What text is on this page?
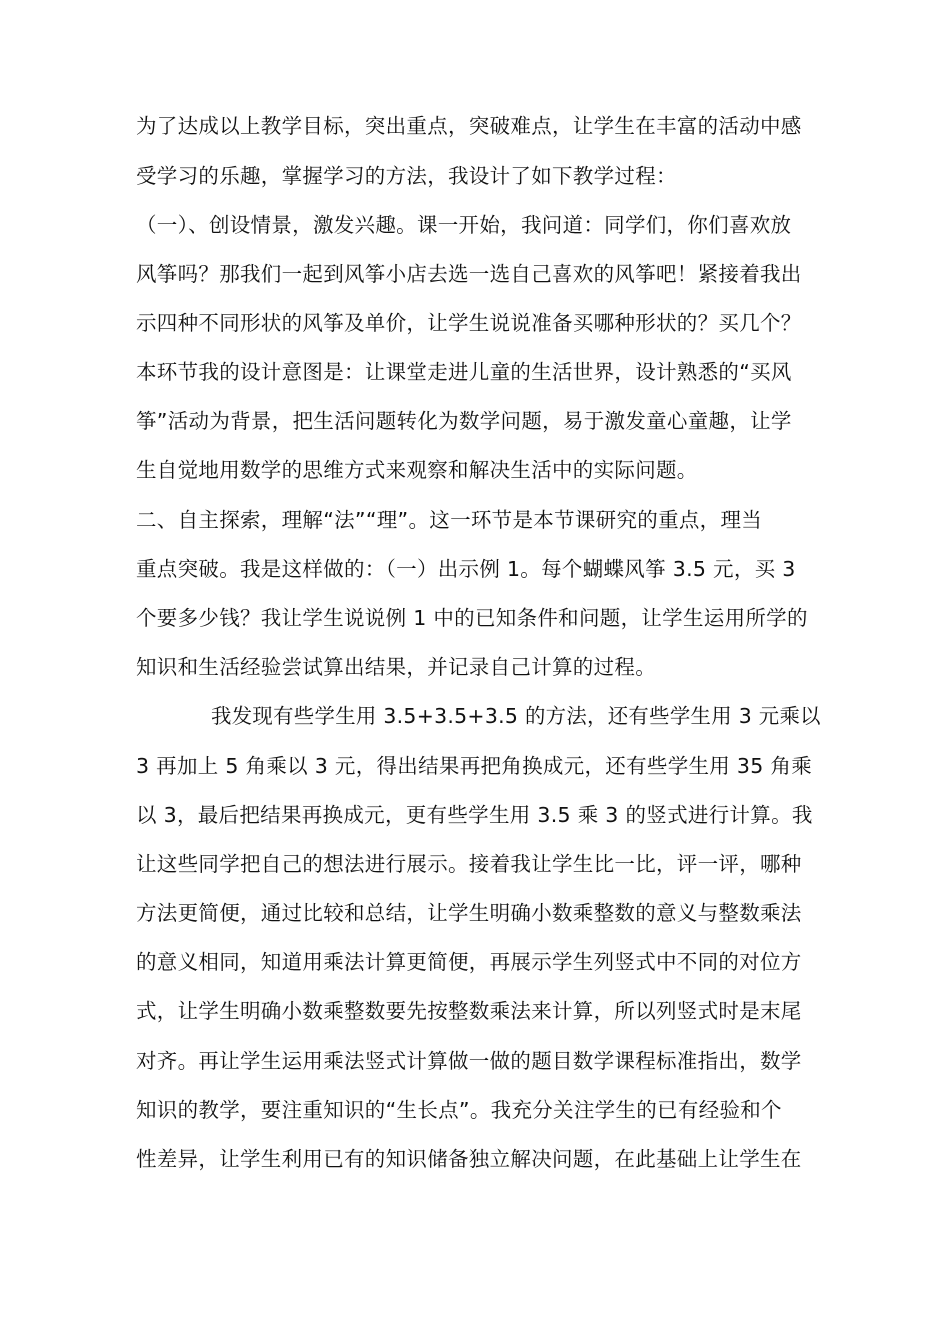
为了达成以上教学目标，突出重点，突破难点，让学生在丰富的活动中感
受学习的乐趣，掌握学习的方法，我设计了如下教学过程：
（一）、创设情景，激发兴趣。课一开始，我问道：同学们，你们喜欢放
风筝吗？那我们一起到风筝小店去选一选自己喜欢的风筝吧！紧接着我出
示四种不同形状的风筝及单价，让学生说说准备买哪种形状的？买几个？
本环节我的设计意图是：让课堂走进儿童的生活世界，设计熟悉的“买风
筝”活动为背景，把生活问题转化为数学问题，易于激发童心童趣，让学
生自觉地用数学的思维方式来观察和解决生活中的实际问题。
二、自主探索，理解“法”“理”。这一环节是本节课研究的重点，理当
重点突破。我是这样做的：（一）出示例 1。每个蝴蝶风筝 3.5 元，买 3
个要多少钱？我让学生说说例 1 中的已知条件和问题，让学生运用所学的
知识和生活经验尝试算出结果，并记录自己计算的过程。
我发现有些学生用 3.5+3.5+3.5 的方法，还有些学生用 3 元乘以
3 再加上 5 角乘以 3 元，得出结果再把角换成元，还有些学生用 35 角乘
以 3，最后把结果再换成元，更有些学生用 3.5 乘 3 的竖式进行计算。我
让这些同学把自己的想法进行展示。接着我让学生比一比，评一评，哪种
方法更简便，通过比较和总结，让学生明确小数乘整数的意义与整数乘法
的意义相同，知道用乘法计算更简便，再展示学生列竖式中不同的对位方
式，让学生明确小数乘整数要先按整数乘法来计算，所以列竖式时是末尾
对齐。再让学生运用乘法竖式计算做一做的题目数学课程标准指出，数学
知识的教学，要注重知识的“生长点”。我充分关注学生的已有经验和个
性差异，让学生利用已有的知识储备独立解决问题，在此基础上让学生在
